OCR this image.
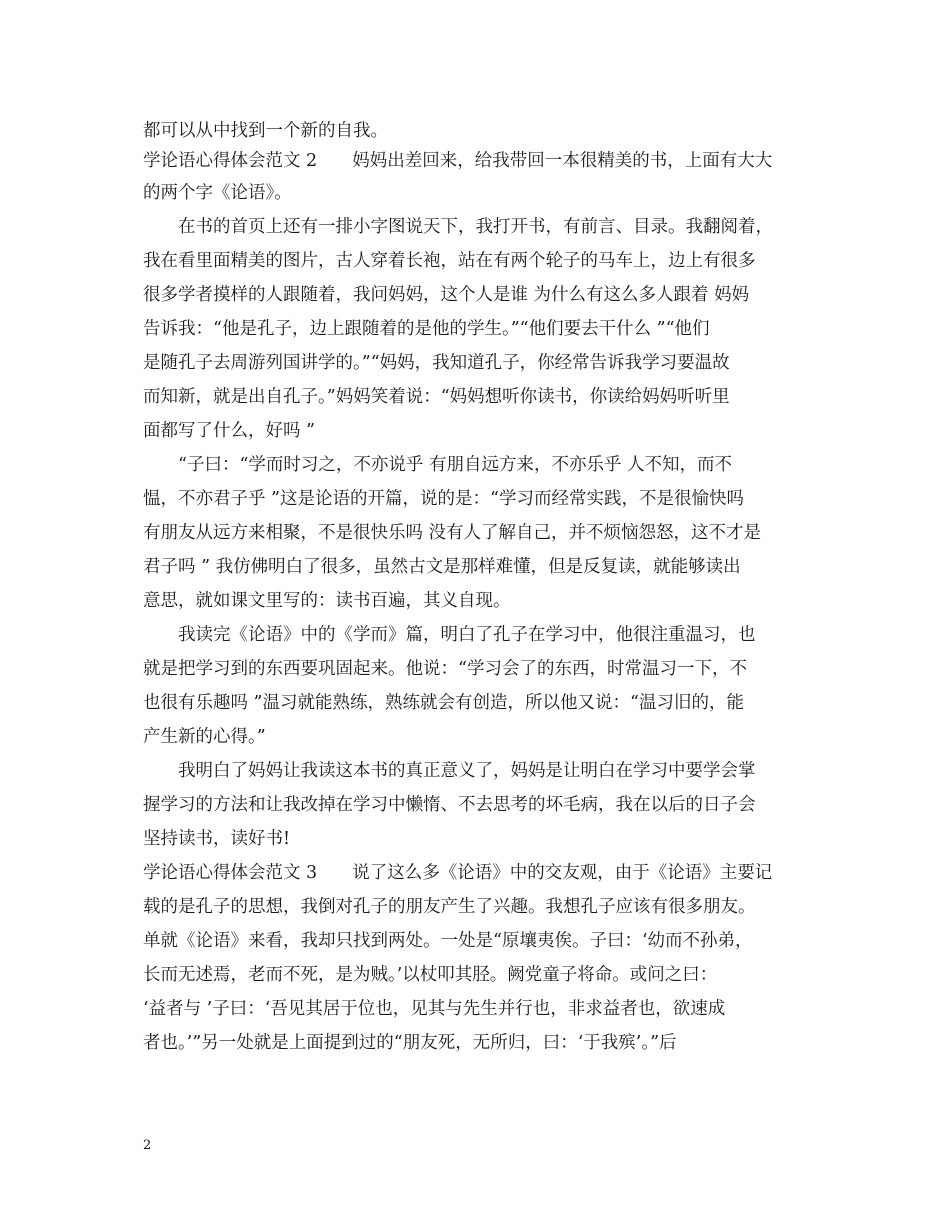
都可以从中找到一个新的自我。
学论语心得体会范文 2　　妈妈出差回来，给我带回一本很精美的书，上面有大大
的两个字《论语》。
　　在书的首页上还有一排小字图说天下，我打开书，有前言、目录。我翻阅着，
我在看里面精美的图片，古人穿着长袍，站在有两个轮子的马车上，边上有很多
很多学者摸样的人跟随着，我问妈妈，这个人是谁 为什么有这么多人跟着 妈妈
告诉我：“他是孔子，边上跟随着的是他的学生。”“他们要去干什么 ”“他们
是随孔子去周游列国讲学的。”“妈妈，我知道孔子，你经常告诉我学习要温故
而知新，就是出自孔子。”妈妈笑着说：“妈妈想听你读书，你读给妈妈听听里
面都写了什么，好吗 ”
　　“子曰：“学而时习之，不亦说乎 有朋自远方来，不亦乐乎 人不知，而不
愠，不亦君子乎 ”这是论语的开篇，说的是：“学习而经常实践，不是很愉快吗
有朋友从远方来相聚，不是很快乐吗 没有人了解自己，并不烦恼怨怒，这不才是
君子吗 ” 我仿佛明白了很多，虽然古文是那样难懂，但是反复读，就能够读出
意思，就如课文里写的：读书百遍，其义自现。
　　我读完《论语》中的《学而》篇，明白了孔子在学习中，他很注重温习，也
就是把学习到的东西要巩固起来。他说：“学习会了的东西，时常温习一下，不
也很有乐趣吗 ”温习就能熟练，熟练就会有创造，所以他又说：“温习旧的，能
产生新的心得。”
　　我明白了妈妈让我读这本书的真正意义了，妈妈是让明白在学习中要学会掌
握学习的方法和让我改掉在学习中懒惰、不去思考的坏毛病，我在以后的日子会
坚持读书，读好书!
学论语心得体会范文 3　　说了这么多《论语》中的交友观，由于《论语》主要记
载的是孔子的思想，我倒对孔子的朋友产生了兴趣。我想孔子应该有很多朋友。
单就《论语》来看，我却只找到两处。一处是“原壤夷俟。子曰：‘幼而不孙弟，
长而无述焉，老而不死，是为贼。’以杖叩其胫。阙党童子将命。或问之曰：
‘益者与 ’子曰：‘吾见其居于位也，见其与先生并行也，非求益者也，欲速成
者也。’”另一处就是上面提到过的“朋友死，无所归，曰：‘于我殡’。”后
2
